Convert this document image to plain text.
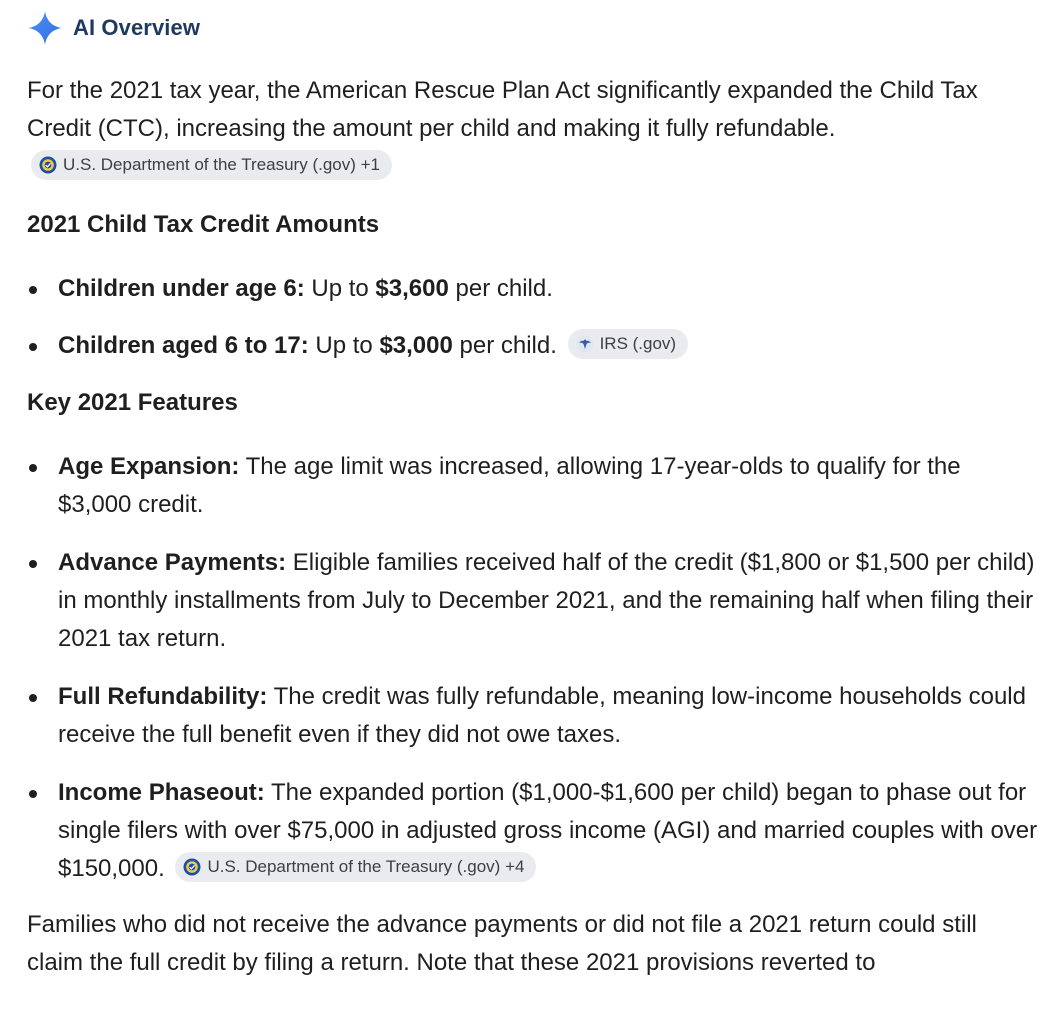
AI Overview

For the 2021 tax year, the American Rescue Plan Act significantly expanded the Child Tax Credit (CTC), increasing the amount per child and making it fully refundable.
U.S. Department of the Treasury (.gov) +1

2021 Child Tax Credit Amounts

Children under age 6: Up to $3,600 per child.
Children aged 6 to 17: Up to $3,000 per child.	IRS (.gov)

Key 2021 Features

Age Expansion: The age limit was increased, allowing 17-year-olds to qualify for the $3,000 credit.
Advance Payments: Eligible families received half of the credit ($1,800 or $1,500 per child) in monthly installments from July to December 2021, and the remaining half when filing their 2021 tax return.
Full Refundability: The credit was fully refundable, meaning low-income households could receive the full benefit even if they did not owe taxes.
Income Phaseout: The expanded portion ($1,000-$1,600 per child) began to phase out for single filers with over $75,000 in adjusted gross income (AGI) and married couples with over $150,000.	U.S. Department of the Treasury (.gov) +4

Families who did not receive the advance payments or did not file a 2021 return could still claim the full credit by filing a return. Note that these 2021 provisions reverted to
